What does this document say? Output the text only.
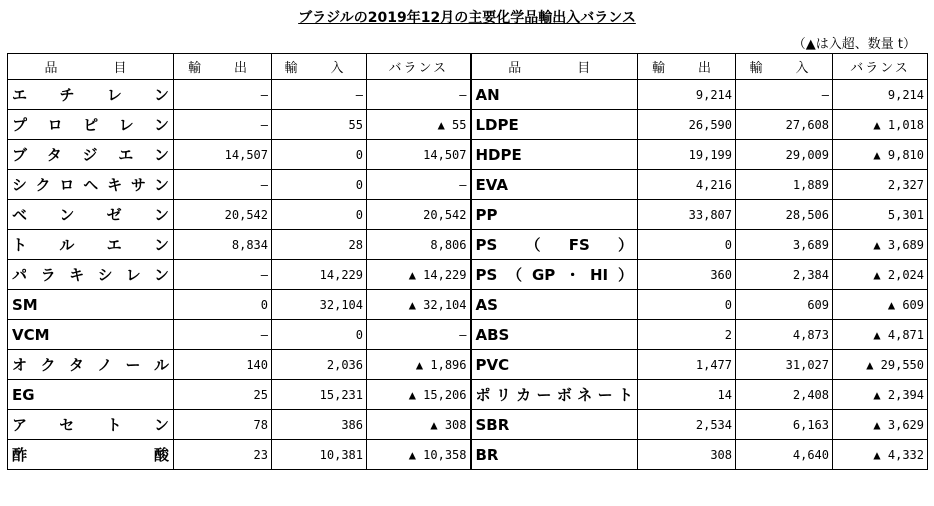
ブラジルの2019年12月の主要化学品輸出入バランス
（▲は入超、数量 t）
品　　目	輸　出	輸　入	バランス	品　　目	輸　出	輸　入	バランス
エチレン	—	—	—	AN	9,214	—	9,214
プロピレン	—	55	▲ 55	LDPE	26,590	27,608	▲ 1,018
ブタジエン	14,507	0	14,507	HDPE	19,199	29,009	▲ 9,810
シクロヘキサン	—	0	—	EVA	4,216	1,889	2,327
ベンゼン	20,542	0	20,542	PP	33,807	28,506	5,301
トルエン	8,834	28	8,806	PS（FS）	0	3,689	▲ 3,689
パラキシレン	—	14,229	▲ 14,229	PS（GP・HI）	360	2,384	▲ 2,024
SM	0	32,104	▲ 32,104	AS	0	609	▲ 609
VCM	—	0	—	ABS	2	4,873	▲ 4,871
オクタノール	140	2,036	▲ 1,896	PVC	1,477	31,027	▲ 29,550
EG	25	15,231	▲ 15,206	ポリカーボネート	14	2,408	▲ 2,394
アセトン	78	386	▲ 308	SBR	2,534	6,163	▲ 3,629
酢酸	23	10,381	▲ 10,358	BR	308	4,640	▲ 4,332
